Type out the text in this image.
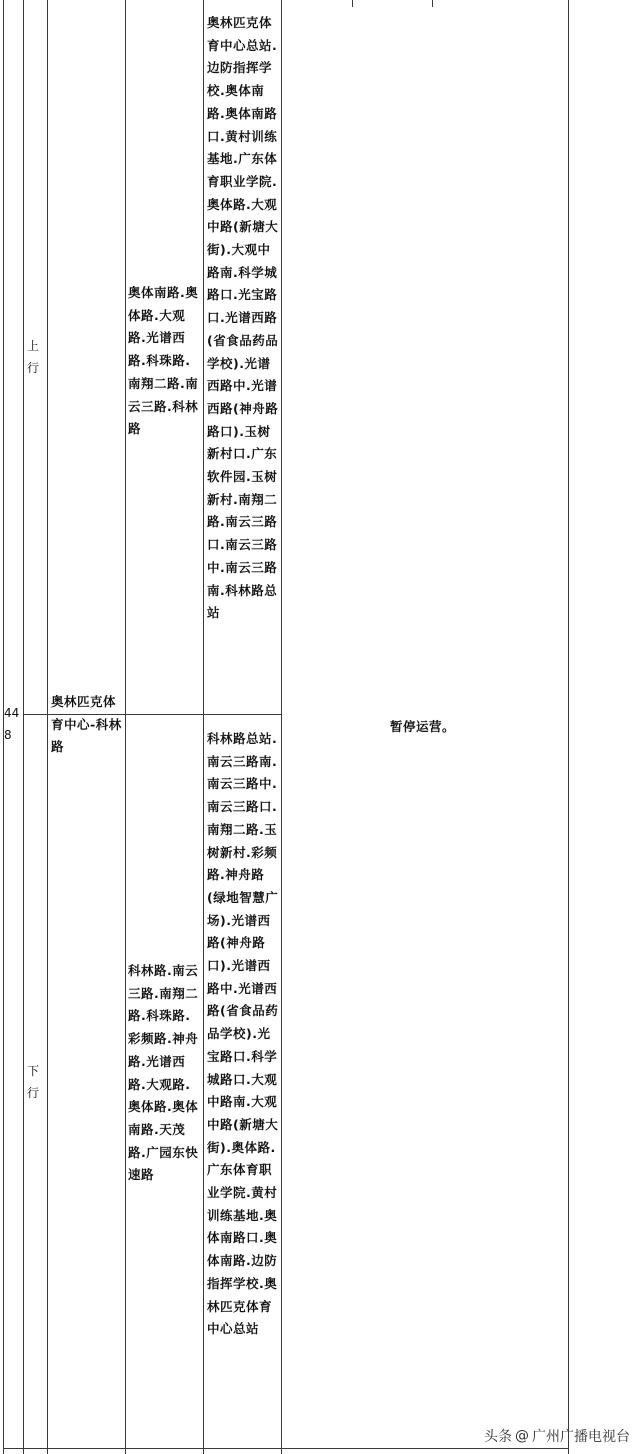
448
上行
下行
奥林匹克体育中心-科林路
奥体南路.奥体路.大观路.光谱西路.科珠路.南翔二路.南云三路.科林路
奥林匹克体育中心总站.边防指挥学校.奥体南路.奥体南路口.黄村训练基地.广东体育职业学院.奥体路.大观中路(新塘大街).大观中路南.科学城路口.光宝路口.光谱西路(省食品药品学校).光谱西路中.光谱西路(神舟路路口).玉树新村口.广东软件园.玉树新村.南翔二路.南云三路口.南云三路中.南云三路南.科林路总站
科林路.南云三路.南翔二路.科珠路.彩频路.神舟路.光谱西路.大观路.奥体路.奥体南路.天茂路.广园东快速路
科林路总站.南云三路南.南云三路中.南云三路口.南翔二路.玉树新村.彩频路.神舟路(绿地智慧广场).光谱西路(神舟路口).光谱西路中.光谱西路(省食品药品学校).光宝路口.科学城路口.大观中路南.大观中路(新塘大街).奥体路.广东体育职业学院.黄村训练基地.奥体南路口.奥体南路.边防指挥学校.奥林匹克体育中心总站
暂停运营。
头条 @ 广州广播电视台
